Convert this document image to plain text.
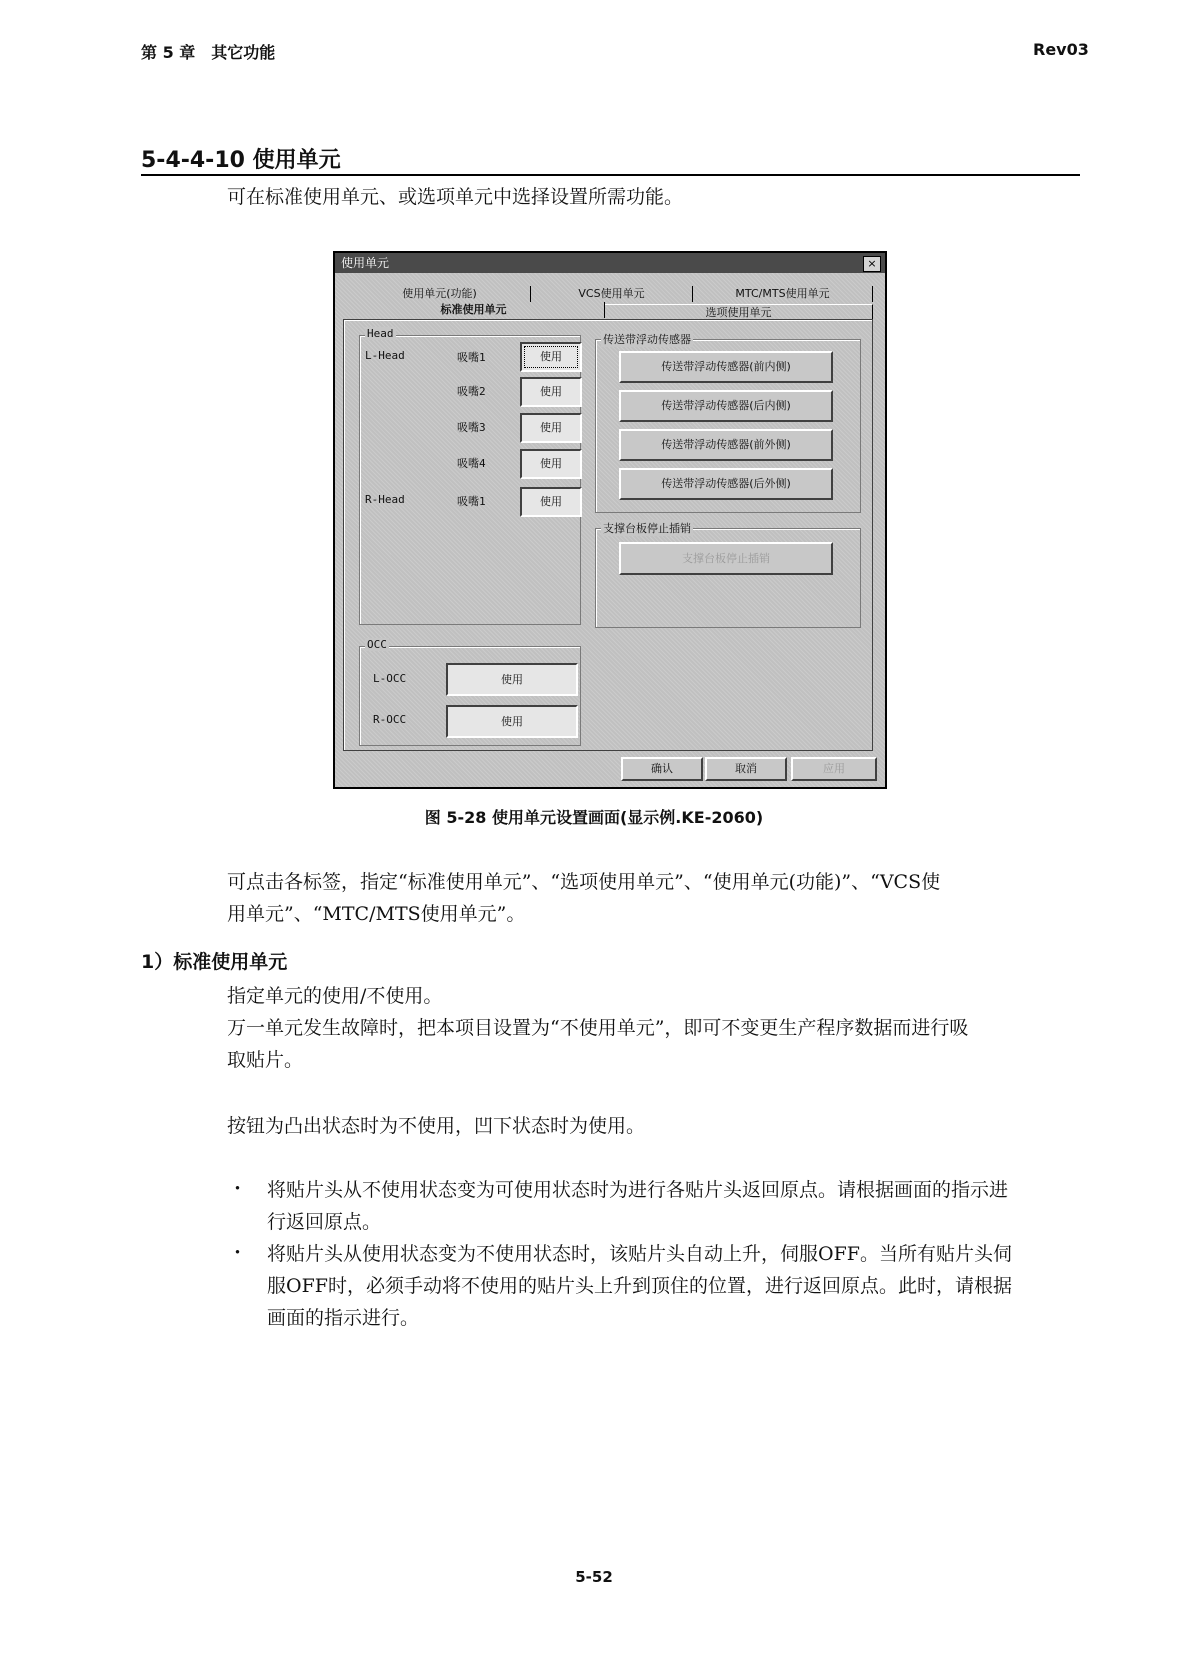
第 5 章　其它功能	Rev03
5-4-4-10 使用单元
可在标准使用单元、或选项单元中选择设置所需功能。
使用单元	×
使用单元(功能)	VCS使用单元	MTC/MTS使用单元
标准使用单元	选项使用单元
Head
L-Head	吸嘴1	使用
吸嘴2	使用
吸嘴3	使用
吸嘴4	使用
R-Head	吸嘴1	使用
OCC
L-OCC	使用
R-OCC	使用
传送带浮动传感器
传送带浮动传感器(前内侧)
传送带浮动传感器(后内侧)
传送带浮动传感器(前外侧)
传送带浮动传感器(后外侧)
支撑台板停止插销
支撑台板停止插销
确认	取消	应用
图 5-28 使用单元设置画面(显示例.KE-2060)
可点击各标签，指定“标准使用单元”、“选项使用单元”、“使用单元(功能)”、“VCS使
用单元”、“MTC/MTS使用单元”。
1）标准使用单元
指定单元的使用/不使用。
万一单元发生故障时，把本项目设置为“不使用单元”，即可不变更生产程序数据而进行吸
取贴片。
按钮为凸出状态时为不使用，凹下状态时为使用。
・ 将贴片头从不使用状态变为可使用状态时为进行各贴片头返回原点。请根据画面的指示进
行返回原点。
・ 将贴片头从使用状态变为不使用状态时，该贴片头自动上升，伺服OFF。当所有贴片头伺
服OFF时，必须手动将不使用的贴片头上升到顶住的位置，进行返回原点。此时，请根据
画面的指示进行。
5-52
